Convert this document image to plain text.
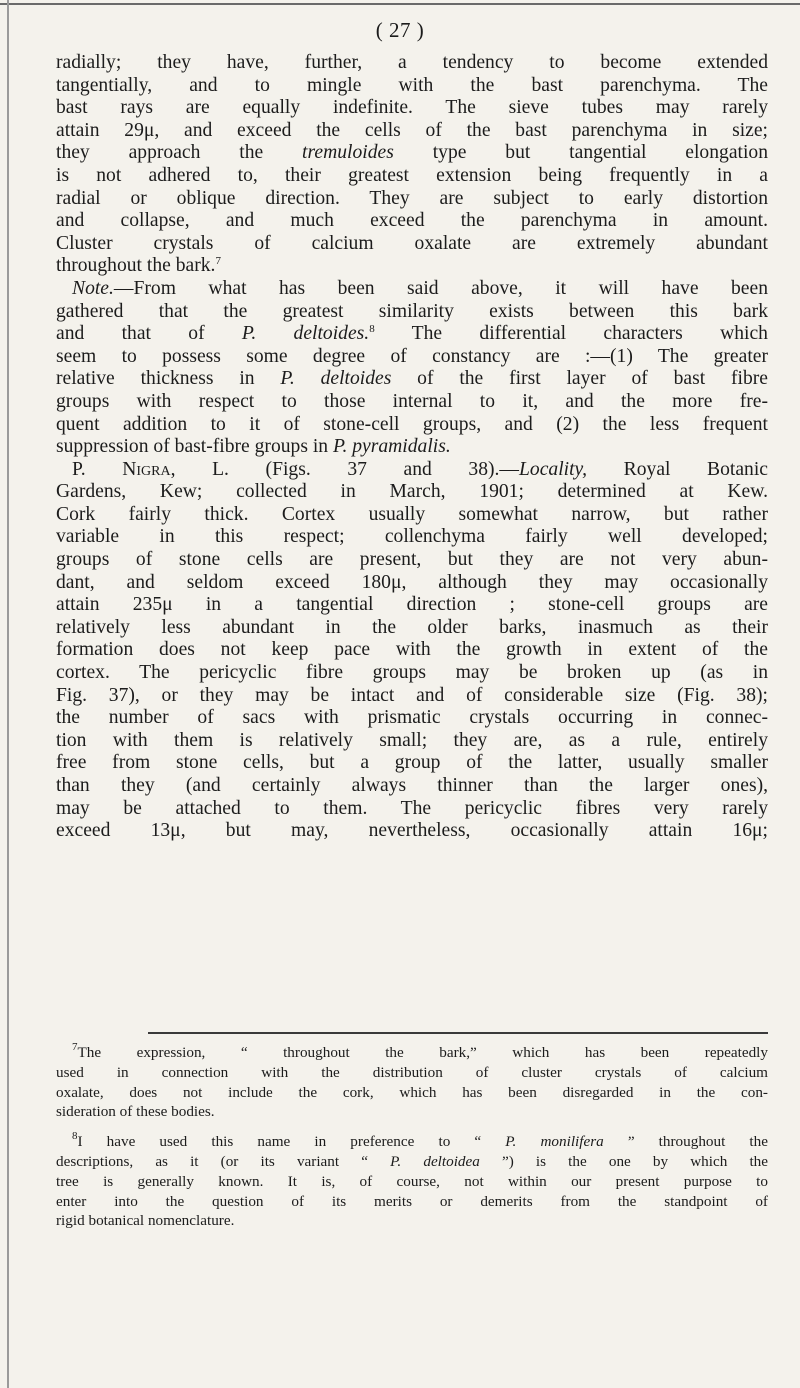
( 27 )
radially; they have, further, a tendency to become extended
tangentially, and to mingle with the bast parenchyma. The
bast rays are equally indefinite. The sieve tubes may rarely
attain 29μ, and exceed the cells of the bast parenchyma in size;
they approach the tremuloides type but tangential elongation
is not adhered to, their greatest extension being frequently in a
radial or oblique direction. They are subject to early distortion
and collapse, and much exceed the parenchyma in amount.
Cluster crystals of calcium oxalate are extremely abundant
throughout the bark.$^7$
Note.—From what has been said above, it will have been
gathered that the greatest similarity exists between this bark
and that of P. deltoides.$^8$ The differential characters which
seem to possess some degree of constancy are :—(1) The greater
relative thickness in P. deltoides of the first layer of bast fibre
groups with respect to those internal to it, and the more fre-
quent addition to it of stone-cell groups, and (2) the less frequent
suppression of bast-fibre groups in P. pyramidalis.
P. Nigra, L. (Figs. 37 and 38).—Locality, Royal Botanic
Gardens, Kew; collected in March, 1901; determined at Kew.
Cork fairly thick. Cortex usually somewhat narrow, but rather
variable in this respect; collenchyma fairly well developed;
groups of stone cells are present, but they are not very abun-
dant, and seldom exceed 180μ, although they may occasionally
attain 235μ in a tangential direction ; stone-cell groups are
relatively less abundant in the older barks, inasmuch as their
formation does not keep pace with the growth in extent of the
cortex. The pericyclic fibre groups may be broken up (as in
Fig. 37), or they may be intact and of considerable size (Fig. 38);
the number of sacs with prismatic crystals occurring in connec-
tion with them is relatively small; they are, as a rule, entirely
free from stone cells, but a group of the latter, usually smaller
than they (and certainly always thinner than the larger ones),
may be attached to them. The pericyclic fibres very rarely
exceed 13μ, but may, nevertheless, occasionally attain 16μ;
$^7$The expression, “ throughout the bark,” which has been repeatedly
used in connection with the distribution of cluster crystals of calcium
oxalate, does not include the cork, which has been disregarded in the con-
sideration of these bodies.
$^8$I have used this name in preference to “ P. monilifera ” throughout the
descriptions, as it (or its variant “ P. deltoidea ”) is the one by which the
tree is generally known. It is, of course, not within our present purpose to
enter into the question of its merits or demerits from the standpoint of
rigid botanical nomenclature.
